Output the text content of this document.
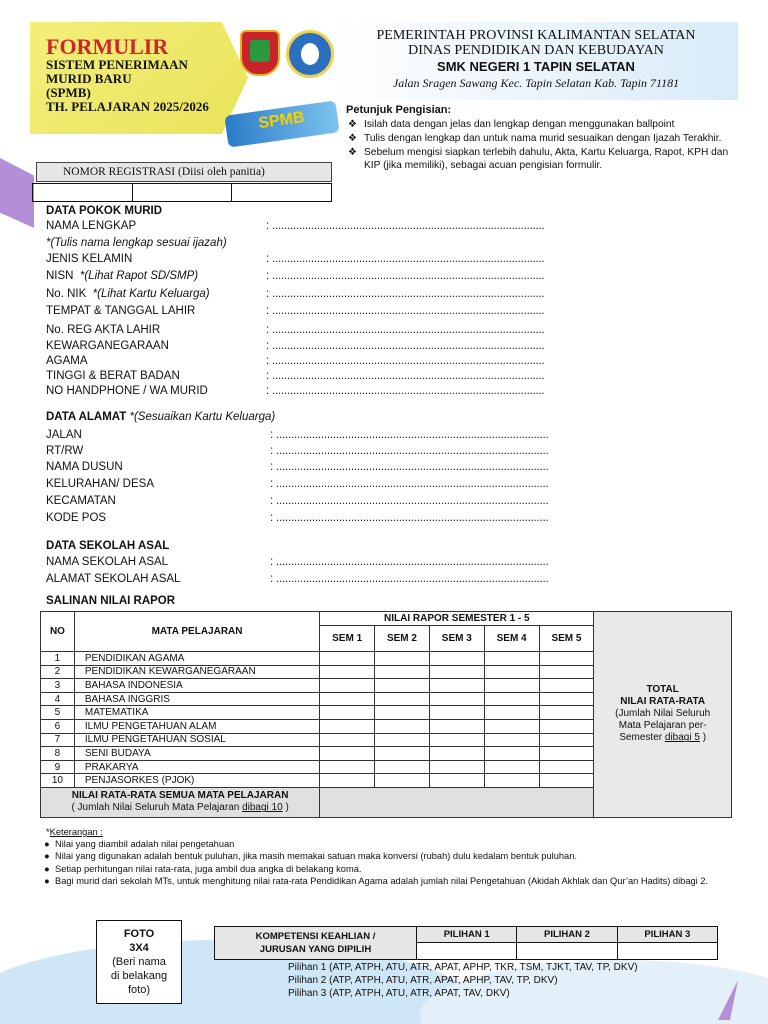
FORMULIR
SISTEM PENERIMAAN
MURID BARU
(SPMB)
TH. PELAJARAN 2025/2026
SPMB
PEMERINTAH PROVINSI KALIMANTAN SELATAN
DINAS PENDIDIKAN DAN KEBUDAYAN
SMK NEGERI 1 TAPIN SELATAN
Jalan Sragen Sawang Kec. Tapin Selatan Kab. Tapin 71181
Petunjuk Pengisian:
❖ Isilah data dengan jelas dan lengkap dengan menggunakan ballpoint
❖ Tulis dengan lengkap dan untuk nama murid sesuaikan dengan Ijazah Terakhir.
❖ Sebelum mengisi siapkan terlebih dahulu, Akta, Kartu Keluarga, Rapot, KPH dan KIP (jika memiliki), sebagai acuan pengisian formulir.
NOMOR REGISTRASI (Diisi oleh panitia)
DATA POKOK MURID
NAMA LENGKAP	: ...........................................................................................
*(Tulis nama lengkap sesuai ijazah)
JENIS KELAMIN	: ...........................................................................................
NISN *(Lihat Rapot SD/SMP)	: ...........................................................................................
No. NIK *(Lihat Kartu Keluarga)	: ...........................................................................................
TEMPAT & TANGGAL LAHIR	: ...........................................................................................
No. REG AKTA LAHIR	: ...........................................................................................
KEWARGANEGARAAN	: ...........................................................................................
AGAMA	: ...........................................................................................
TINGGI & BERAT BADAN	: ...........................................................................................
NO HANDPHONE / WA MURID	: ...........................................................................................
DATA ALAMAT *(Sesuaikan Kartu Keluarga)
JALAN	: ...........................................................................................
RT/RW	: ...........................................................................................
NAMA DUSUN	: ...........................................................................................
KELURAHAN/ DESA	: ...........................................................................................
KECAMATAN	: ...........................................................................................
KODE POS	: ...........................................................................................
DATA SEKOLAH ASAL
NAMA SEKOLAH ASAL	: ...........................................................................................
ALAMAT SEKOLAH ASAL	: ...........................................................................................
SALINAN NILAI RAPOR
NO	MATA PELAJARAN	NILAI RAPOR SEMESTER 1 - 5					TOTAL
NILAI RATA-RATA
(Jumlah Nilai Seluruh Mata Pelajaran per-Semester dibagi 5 )

		SEM 1	SEM 2	SEM 3	SEM 4	SEM 5	
1	PENDIDIKAN AGAMA						
2	PENDIDIKAN KEWARGANEGARAAN						
3	BAHASA INDONESIA						
4	BAHASA INGGRIS						
5	MATEMATIKA						
6	ILMU PENGETAHUAN ALAM						
7	ILMU PENGETAHUAN SOSIAL						
8	SENI BUDAYA						
9	PRAKARYA						
10	PENJASORKES (PJOK)						

NILAI RATA-RATA SEMUA MATA PELAJARAN
( Jumlah Nilai Seluruh Mata Pelajaran dibagi 10 )							
*Keterangan :
● Nilai yang diambil adalah nilai pengetahuan
● Nilai yang digunakan adalah bentuk puluhan, jika masih memakai satuan maka konversi (rubah) dulu kedalam bentuk puluhan.
● Setiap perhitungan nilai rata-rata, juga ambil dua angka di belakang koma.
● Bagi murid dari sekolah MTs, untuk menghitung nilai rata-rata Pendidikan Agama adalah jumlah nilai Pengetahuan (Akidah Akhlak dan Qur’an Hadits) dibagi 2.
FOTO
3X4
(Beri nama
di belakang
foto)
KOMPETENSI KEAHLIAN /
JURUSAN YANG DIPILIH	PILIHAN 1	PILIHAN 2	PILIHAN 3

Pilihan 1 (ATP, ATPH, ATU, ATR, APAT, APHP, TKR, TSM, TJKT, TAV, TP, DKV)
Pilihan 2 (ATP, ATPH, ATU, ATR, APAT, APHP, TAV, TP, DKV)
Pilihan 3 (ATP, ATPH, ATU, ATR, APAT, TAV, DKV)
